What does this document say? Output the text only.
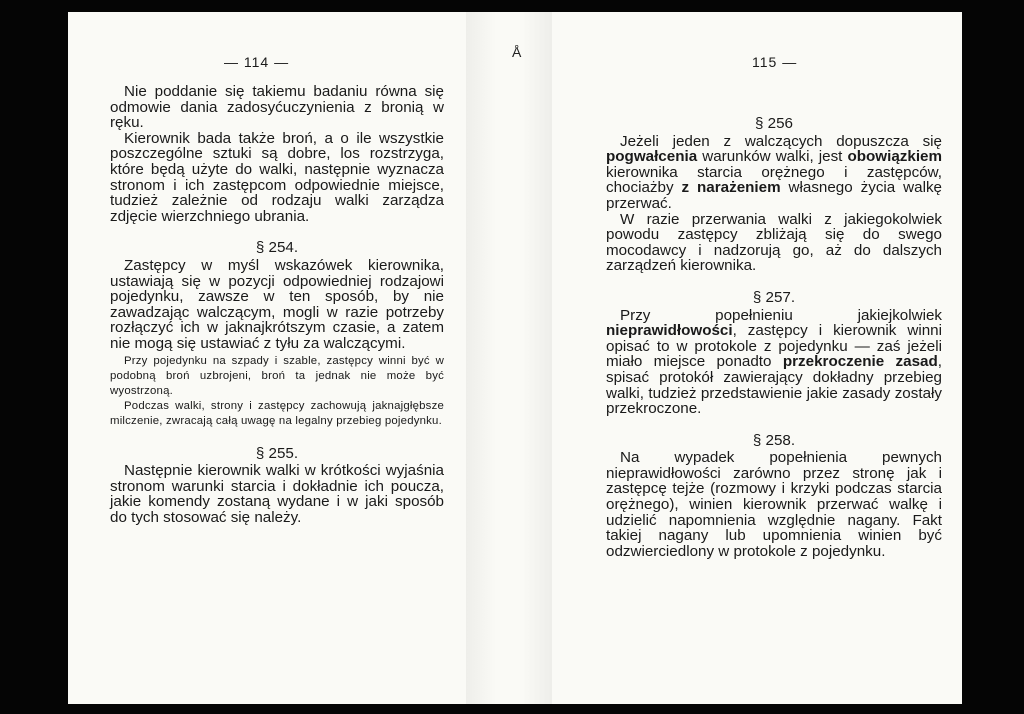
— 114 —

Nie poddanie się takiemu badaniu równa się odmowie dania zadosyćuczynienia z bronią w ręku.

Kierownik bada także broń, a o ile wszystkie poszczególne sztuki są dobre, los rozstrzyga, które będą użyte do walki, następnie wyznacza stronom i ich zastępcom odpowiednie miejsce, tudzież zależnie od rodzaju walki zarządza zdjęcie wierzchniego ubrania.

§ 254.

Zastępcy w myśl wskazówek kierownika, ustawiają się w pozycji odpowiedniej rodzajowi pojedynku, zawsze w ten sposób, by nie zawadzając walczącym, mogli w razie potrzeby rozłączyć ich w jaknajkrótszym czasie, a zatem nie mogą się ustawiać z tyłu za walczącymi.

Przy pojedynku na szpady i szable, zastępcy winni być w podobną broń uzbrojeni, broń ta jednak nie może być wyostrzoną.

Podczas walki, strony i zastępcy zachowują jaknajgłębsze milczenie, zwracają całą uwagę na legalny przebieg pojedynku.

§ 255.

Następnie kierownik walki w krótkości wyjaśnia stronom warunki starcia i dokładnie ich poucza, jakie komendy zostaną wydane i w jaki sposób do tych stosować się należy.

Å
115 —
§ 256

Jeżeli jeden z walczących dopuszcza się pogwałcenia warunków walki, jest obowiązkiem kierownika starcia orężnego i zastępców, chociażby z narażeniem własnego życia walkę przerwać.

W razie przerwania walki z jakiegokolwiek powodu zastępcy zbliżają się do swego mocodawcy i nadzorują go, aż do dalszych zarządzeń kierownika.

§ 257.

Przy popełnieniu jakiejkolwiek nieprawidłowości, zastępcy i kierownik winni opisać to w protokole z pojedynku — zaś jeżeli miało miejsce ponadto przekroczenie zasad, spisać protokół zawierający dokładny przebieg walki, tudzież przedstawienie jakie zasady zostały przekroczone.

§ 258.

Na wypadek popełnienia pewnych nieprawidłowości zarówno przez stronę jak i zastępcę tejże (rozmowy i krzyki podczas starcia orężnego), winien kierownik przerwać walkę i udzielić napomnienia względnie nagany. Fakt takiej nagany lub upomnienia winien być odzwierciedlony w protokole z pojedynku.
